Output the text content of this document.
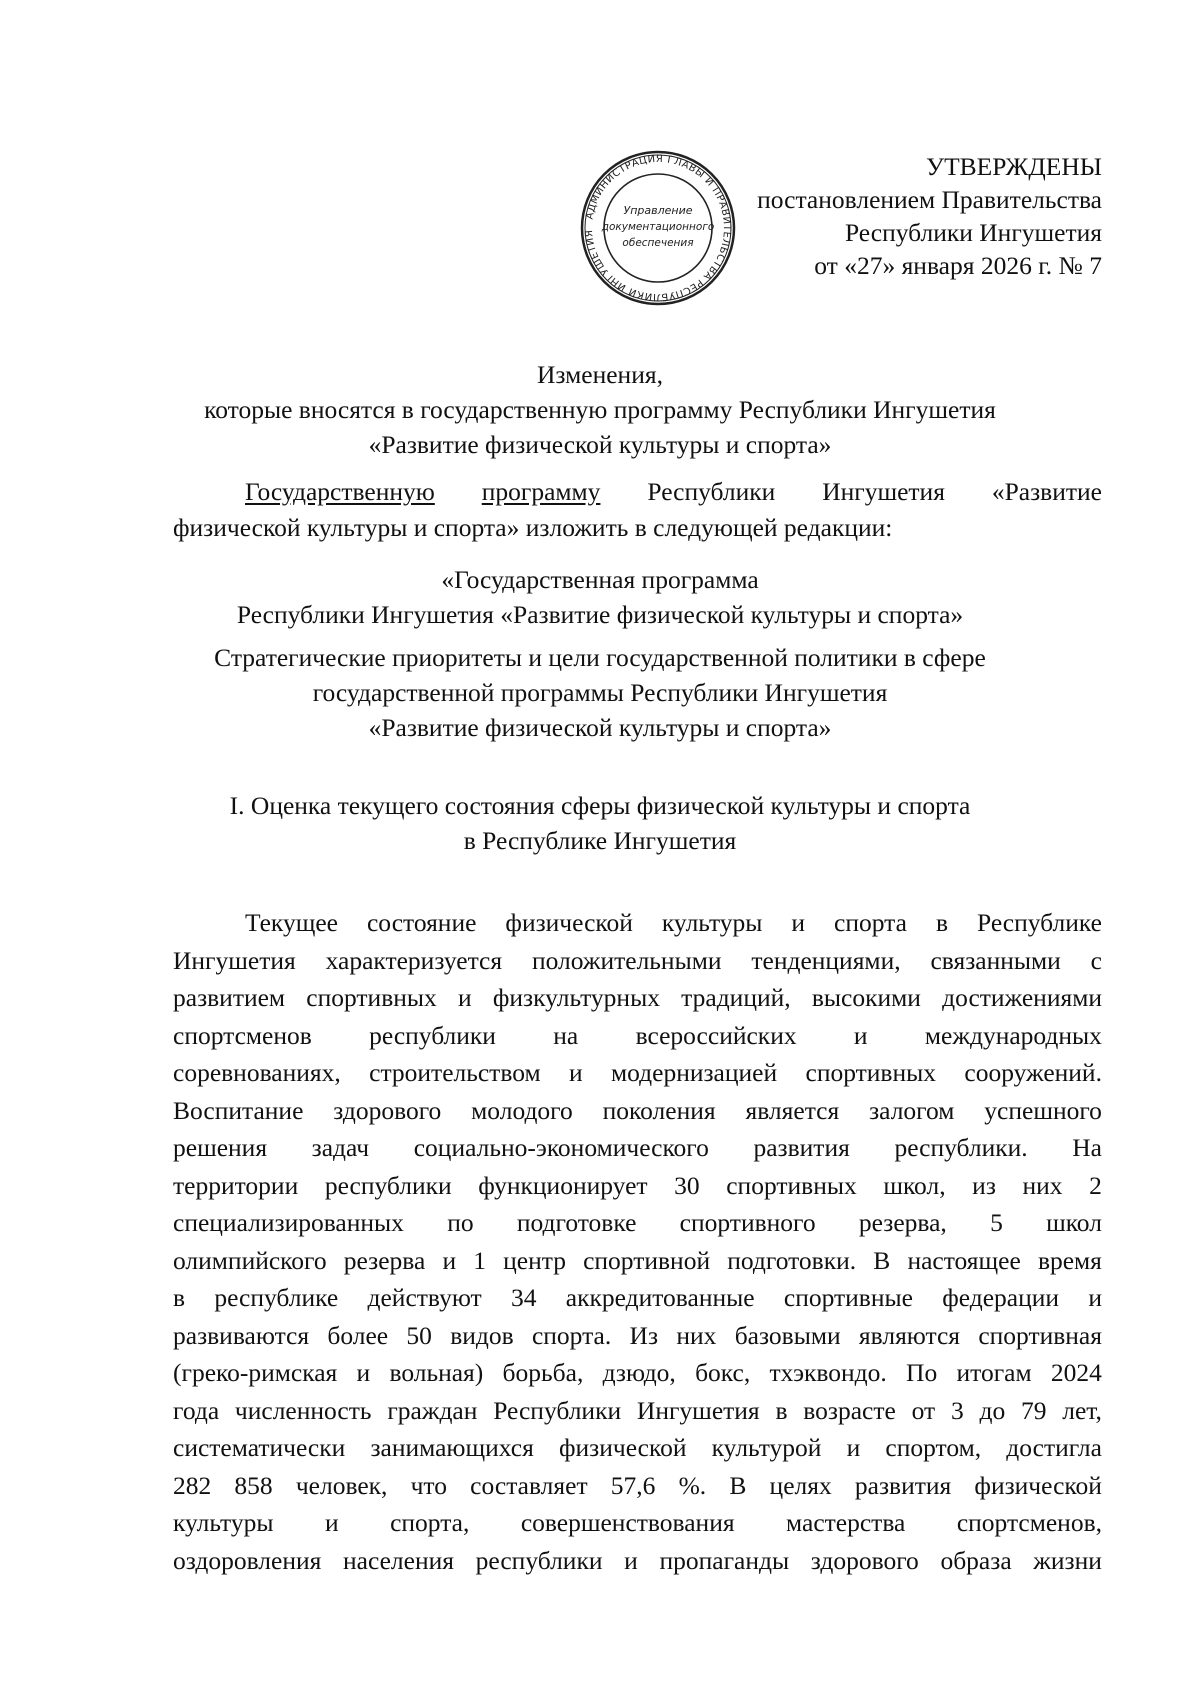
АДМИНИСТРАЦИЯ ГЛАВЫ И ПРАВИТЕЛЬСТВА РЕСПУБЛИКИ ИНГУШЕТИЯ
Управление
документационного
обеспечения
УТВЕРЖДЕНЫ
постановлением Правительства
Республики Ингушетия
от «27» января 2026 г. № 7
Изменения,
которые вносятся в государственную программу Республики Ингушетия
«Развитие физической культуры и спорта»
Государственную программу Республики Ингушетия «Развитие
физической культуры и спорта» изложить в следующей редакции:
«Государственная программа
Республики Ингушетия «Развитие физической культуры и спорта»
Стратегические приоритеты и цели государственной политики в сфере
государственной программы Республики Ингушетия
«Развитие физической культуры и спорта»
I. Оценка текущего состояния сферы физической культуры и спорта
в Республике Ингушетия
Текущее состояние физической культуры и спорта в Республике
Ингушетия характеризуется положительными тенденциями, связанными с
развитием спортивных и физкультурных традиций, высокими достижениями
спортсменов республики на всероссийских и международных
соревнованиях, строительством и модернизацией спортивных сооружений.
Воспитание здорового молодого поколения является залогом успешного
решения задач социально-экономического развития республики. На
территории республики функционирует 30 спортивных школ, из них 2
специализированных по подготовке спортивного резерва, 5 школ
олимпийского резерва и 1 центр спортивной подготовки. В настоящее время
в республике действуют 34 аккредитованные спортивные федерации и
развиваются более 50 видов спорта. Из них базовыми являются спортивная
(греко-римская и вольная) борьба, дзюдо, бокс, тхэквондо. По итогам 2024
года численность граждан Республики Ингушетия в возрасте от 3 до 79 лет,
систематически занимающихся физической культурой и спортом, достигла
282 858 человек, что составляет 57,6 %. В целях развития физической
культуры и спорта, совершенствования мастерства спортсменов,
оздоровления населения республики и пропаганды здорового образа жизни
